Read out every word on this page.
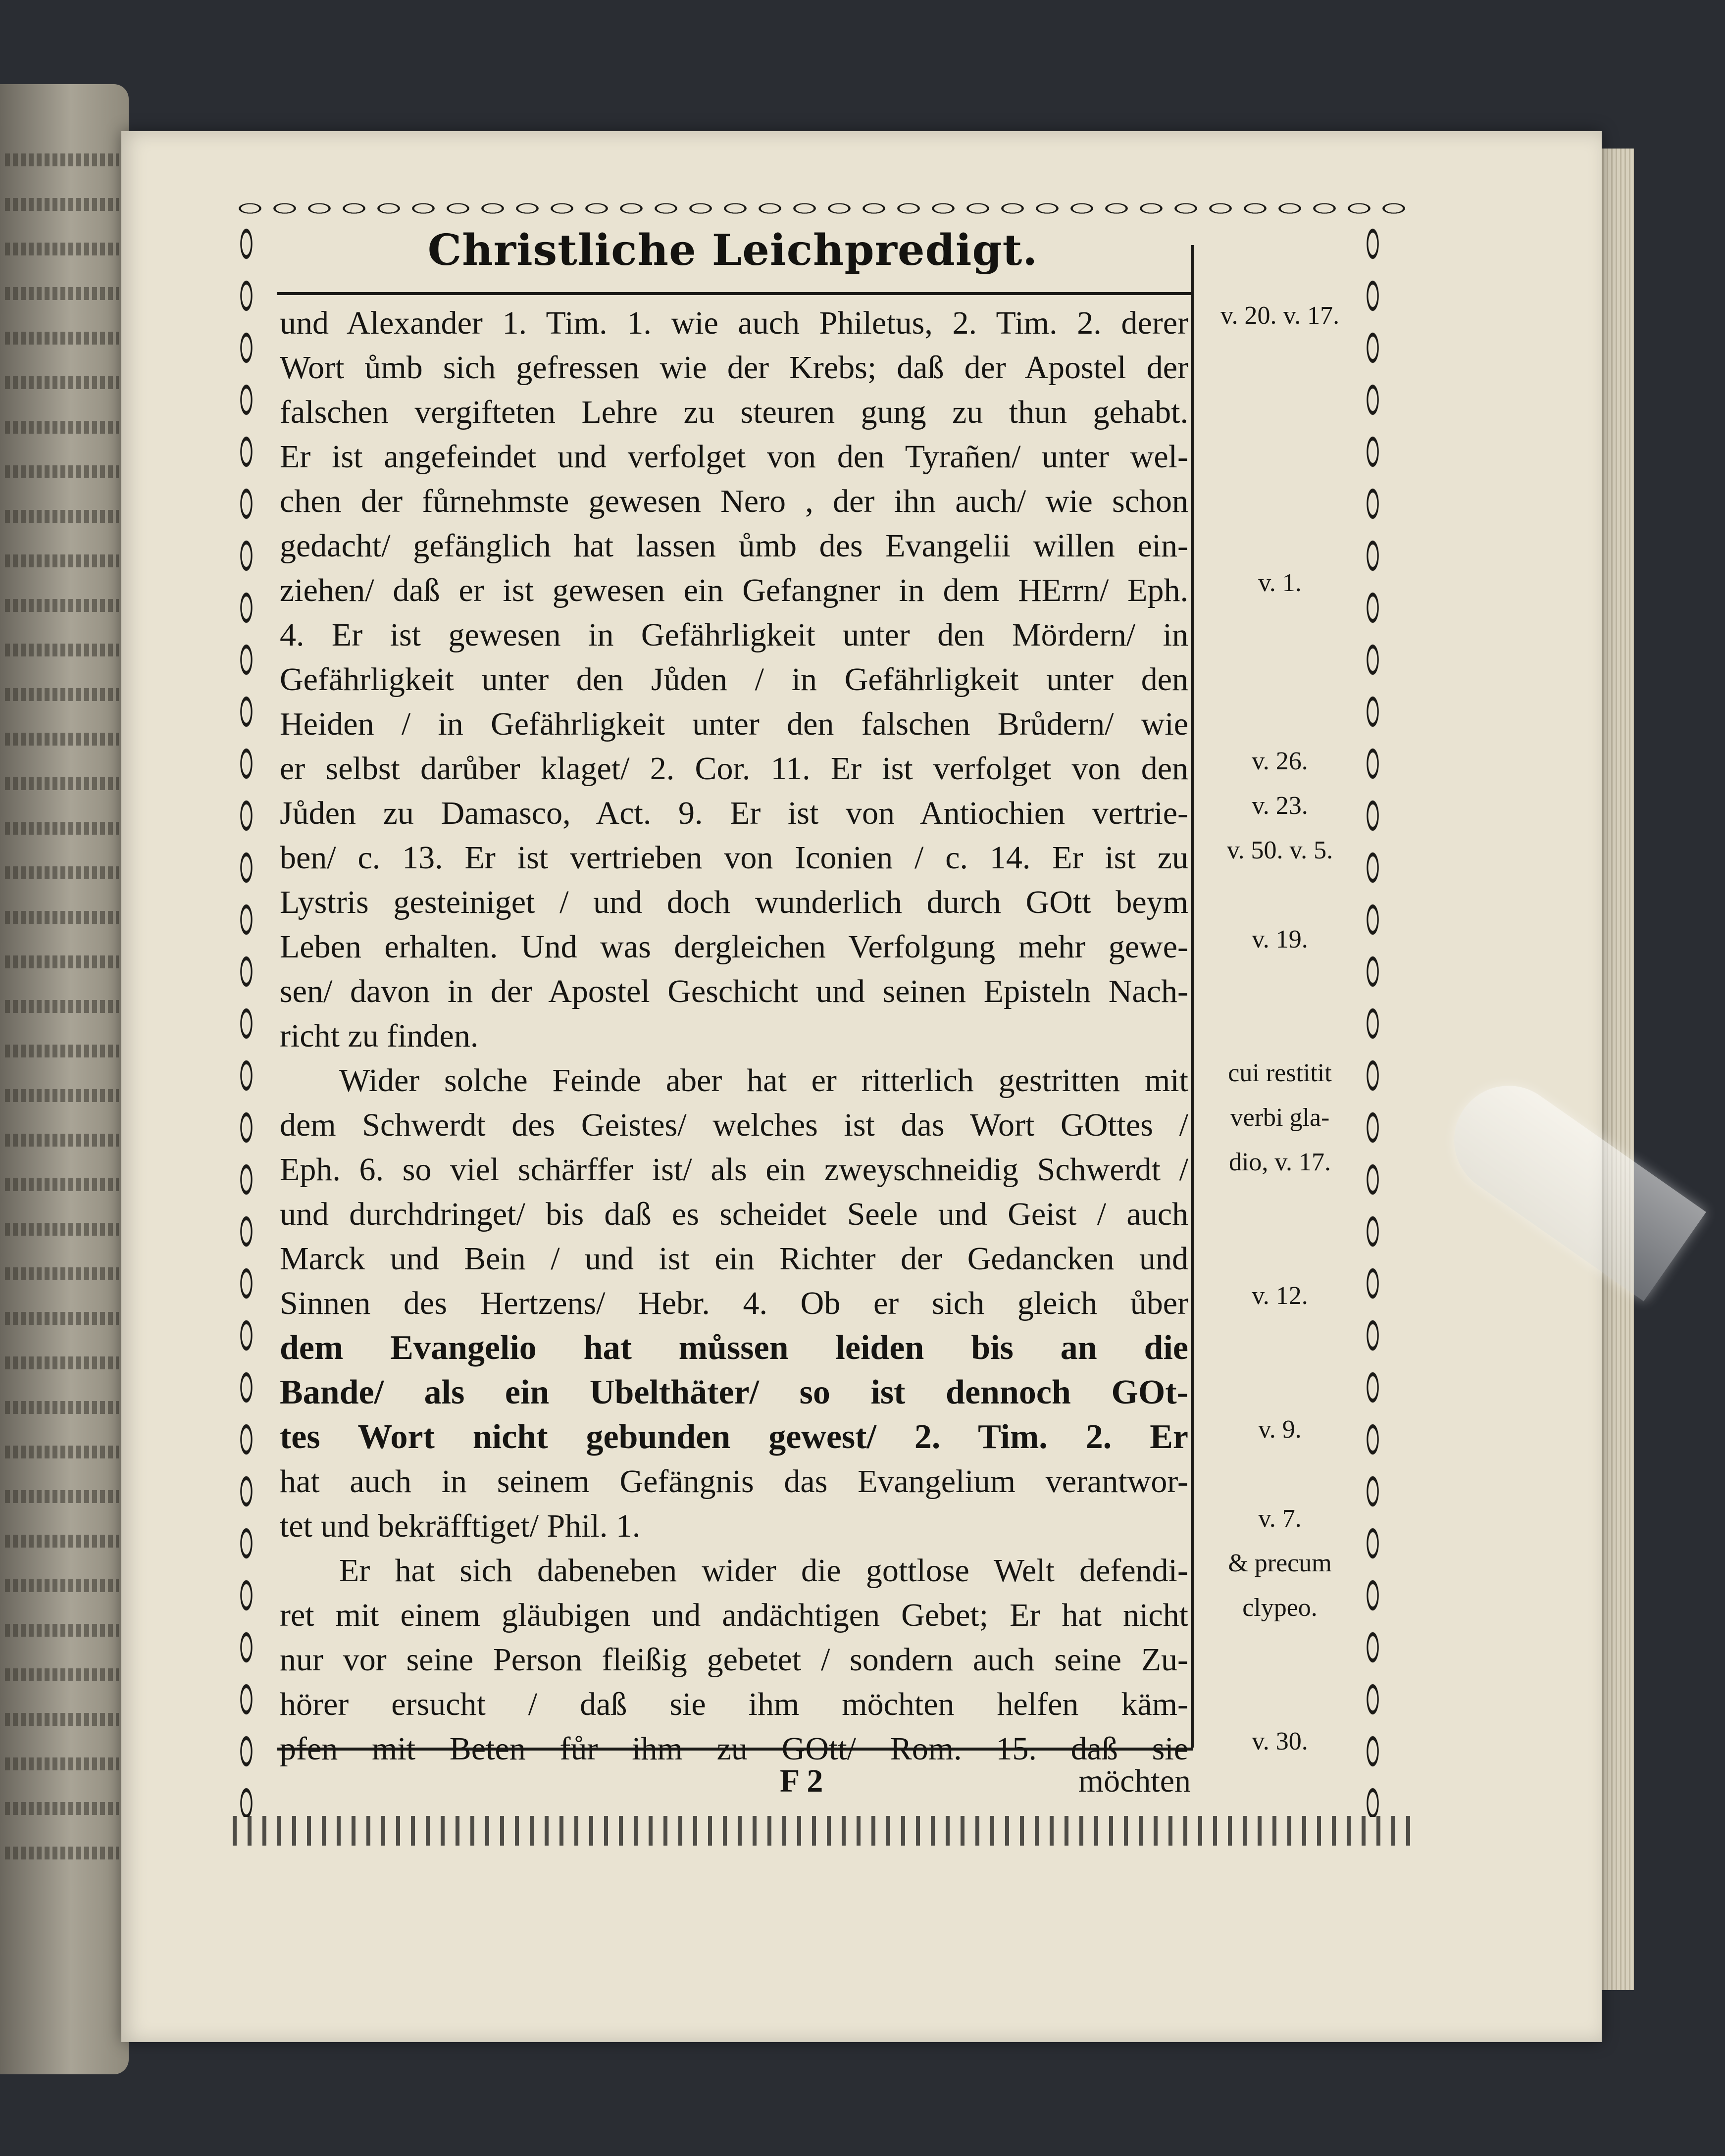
Christliche Leichpredigt.
und Alexander 1. Tim. 1. wie auch Philetus, 2. Tim. 2. derer
Wort ůmb sich gefressen wie der Krebs; daß der Apostel der
falschen vergifteten Lehre zu steuren gung zu thun gehabt.
Er ist angefeindet und verfolget von den Tyrañen/ unter wel-
chen der fůrnehmste gewesen Nero , der ihn auch/ wie schon
gedacht/ gefänglich hat lassen ůmb des Evangelii willen ein-
ziehen/ daß er ist gewesen ein Gefangner in dem HErrn/ Eph.
4. Er ist gewesen in Gefährligkeit unter den Mördern/ in
Gefährligkeit unter den Jůden / in Gefährligkeit unter den
Heiden / in Gefährligkeit unter den falschen Brůdern/ wie
er selbst darůber klaget/ 2. Cor. 11. Er ist verfolget von den
Jůden zu Damasco, Act. 9. Er ist von Antiochien vertrie-
ben/ c. 13. Er ist vertrieben von Iconien / c. 14. Er ist zu
Lystris gesteiniget / und doch wunderlich durch GOtt beym
Leben erhalten. Und was dergleichen Verfolgung mehr gewe-
sen/ davon in der Apostel Geschicht und seinen Episteln Nach-
richt zu finden.
Wider solche Feinde aber hat er ritterlich gestritten mit
dem Schwerdt des Geistes/ welches ist das Wort GOttes /
Eph. 6. so viel schärffer ist/ als ein zweyschneidig Schwerdt /
und durchdringet/ bis daß es scheidet Seele und Geist / auch
Marck und Bein / und ist ein Richter der Gedancken und
Sinnen des Hertzens/ Hebr. 4. Ob er sich gleich ůber
dem Evangelio hat můssen leiden bis an die
Bande/ als ein Ubelthäter/ so ist dennoch GOt-
tes Wort nicht gebunden gewest/ 2. Tim. 2. Er
hat auch in seinem Gefängnis das Evangelium verantwor-
tet und bekräfftiget/ Phil. 1.
Er hat sich dabeneben wider die gottlose Welt defendi-
ret mit einem gläubigen und andächtigen Gebet; Er hat nicht
nur vor seine Person fleißig gebetet / sondern auch seine Zu-
hörer ersucht / daß sie ihm möchten helfen käm-
pfen mit Beten fůr ihm zu GOtt/ Rom. 15. daß sie
v. 20. v. 17.
v. 1.
v. 26.
v. 23.
v. 50. v. 5.
v. 19.
cui restitit
verbi gla-
dio, v. 17.
v. 12.
v. 9.
v. 7.
& precum
clypeo.
v. 30.
F 2	möchten
